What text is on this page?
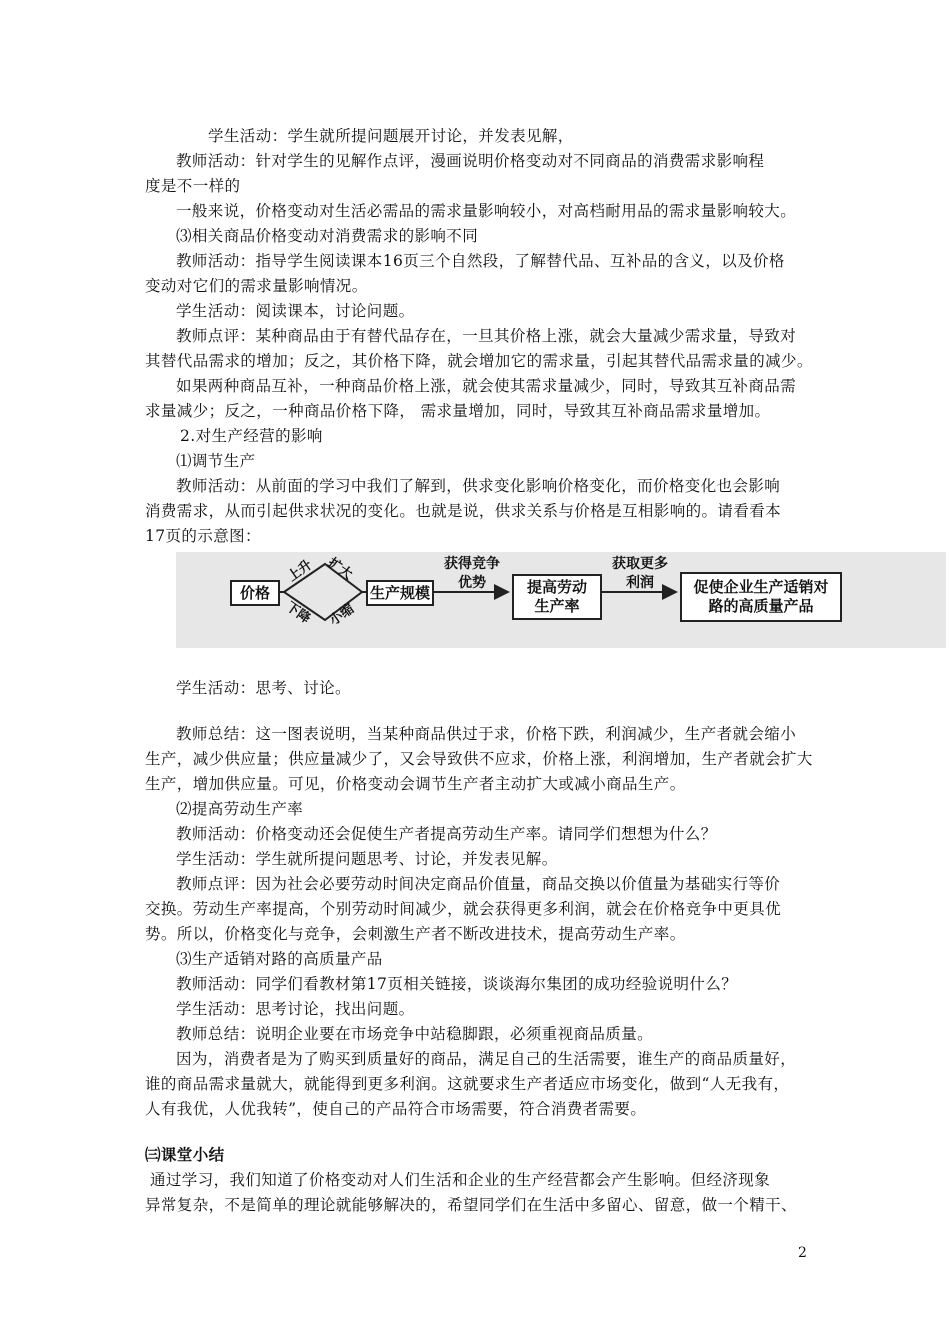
学生活动：学生就所提问题展开讨论，并发表见解，

教师活动：针对学生的见解作点评，漫画说明价格变动对不同商品的消费需求影响程

度是不一样的

一般来说，价格变动对生活必需品的需求量影响较小，对高档耐用品的需求量影响较大。

⑶相关商品价格变动对消费需求的影响不同

教师活动：指导学生阅读课本16页三个自然段，了解替代品、互补品的含义，以及价格

变动对它们的需求量影响情况。

学生活动：阅读课本，讨论问题。

教师点评：某种商品由于有替代品存在，一旦其价格上涨，就会大量减少需求量，导致对

其替代品需求的增加；反之，其价格下降，就会增加它的需求量，引起其替代品需求量的减少。

如果两种商品互补，一种商品价格上涨，就会使其需求量减少，同时，导致其互补商品需

求量减少；反之，一种商品价格下降， 需求量增加，同时，导致其互补商品需求量增加。

2.对生产经营的影响

⑴调节生产

教师活动：从前面的学习中我们了解到，供求变化影响价格变化，而价格变化也会影响

消费需求，从而引起供求状况的变化。也就是说，供求关系与价格是互相影响的。请看看本

17页的示意图：

价格
上升 扩大
下降 小缩
生产规模
获得竞争优势	提高劳动生产率
获取更多利润	促使企业生产适销对路的高质量产品

学生活动：思考、讨论。

教师总结：这一图表说明，当某种商品供过于求，价格下跌，利润减少，生产者就会缩小

生产，减少供应量；供应量减少了，又会导致供不应求，价格上涨，利润增加，生产者就会扩大

生产，增加供应量。可见，价格变动会调节生产者主动扩大或减小商品生产。

⑵提高劳动生产率

教师活动：价格变动还会促使生产者提高劳动生产率。请同学们想想为什么？

学生活动：学生就所提问题思考、讨论，并发表见解。

教师点评：因为社会必要劳动时间决定商品价值量，商品交换以价值量为基础实行等价

交换。劳动生产率提高，个别劳动时间减少，就会获得更多利润，就会在价格竞争中更具优

势。所以，价格变化与竞争，会刺激生产者不断改进技术，提高劳动生产率。

⑶生产适销对路的高质量产品

教师活动：同学们看教材第17页相关链接，谈谈海尔集团的成功经验说明什么？

学生活动：思考讨论，找出问题。

教师总结：说明企业要在市场竞争中站稳脚跟，必须重视商品质量。

因为，消费者是为了购买到质量好的商品，满足自己的生活需要，谁生产的商品质量好，

谁的商品需求量就大，就能得到更多利润。这就要求生产者适应市场变化，做到“人无我有，

人有我优，人优我转”，使自己的产品符合市场需要，符合消费者需要。

㈢课堂小结

通过学习，我们知道了价格变动对人们生活和企业的生产经营都会产生影响。但经济现象

异常复杂，不是简单的理论就能够解决的，希望同学们在生活中多留心、留意，做一个精干、

2
